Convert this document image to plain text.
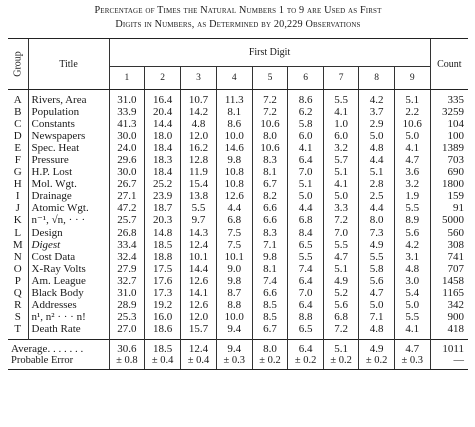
Percentage of Times the Natural Numbers 1 to 9 are Used as First
Digits in Numbers, as Determined by 20,229 Observations
Group	Title	First Digit									Count
		1	2	3	4	5	6	7	8	9	
A	Rivers, Area	31.0	16.4	10.7	11.3	7.2	8.6	5.5	4.2	5.1	335
B	Population	33.9	20.4	14.2	8.1	7.2	6.2	4.1	3.7	2.2	3259
C	Constants	41.3	14.4	4.8	8.6	10.6	5.8	1.0	2.9	10.6	104
D	Newspapers	30.0	18.0	12.0	10.0	8.0	6.0	6.0	5.0	5.0	100
E	Spec. Heat	24.0	18.4	16.2	14.6	10.6	4.1	3.2	4.8	4.1	1389
F	Pressure	29.6	18.3	12.8	9.8	8.3	6.4	5.7	4.4	4.7	703
G	H.P. Lost	30.0	18.4	11.9	10.8	8.1	7.0	5.1	5.1	3.6	690
H	Mol. Wgt.	26.7	25.2	15.4	10.8	6.7	5.1	4.1	2.8	3.2	1800
I	Drainage	27.1	23.9	13.8	12.6	8.2	5.0	5.0	2.5	1.9	159
J	Atomic Wgt.	47.2	18.7	5.5	4.4	6.6	4.4	3.3	4.4	5.5	91
K	n⁻¹, √n, · · ·	25.7	20.3	9.7	6.8	6.6	6.8	7.2	8.0	8.9	5000
L	Design	26.8	14.8	14.3	7.5	8.3	8.4	7.0	7.3	5.6	560
M	Digest	33.4	18.5	12.4	7.5	7.1	6.5	5.5	4.9	4.2	308
N	Cost Data	32.4	18.8	10.1	10.1	9.8	5.5	4.7	5.5	3.1	741
O	X-Ray Volts	27.9	17.5	14.4	9.0	8.1	7.4	5.1	5.8	4.8	707
P	Am. League	32.7	17.6	12.6	9.8	7.4	6.4	4.9	5.6	3.0	1458
Q	Black Body	31.0	17.3	14.1	8.7	6.6	7.0	5.2	4.7	5.4	1165
R	Addresses	28.9	19.2	12.6	8.8	8.5	6.4	5.6	5.0	5.0	342
S	n¹, n² · · · n!	25.3	16.0	12.0	10.0	8.5	8.8	6.8	7.1	5.5	900
T	Death Rate	27.0	18.6	15.7	9.4	6.7	6.5	7.2	4.8	4.1	418
Average. . . . . . .		30.6	18.5	12.4	9.4	8.0	6.4	5.1	4.9	4.7	1011
Probable Error		± 0.8	± 0.4	± 0.4	± 0.3	± 0.2	± 0.2	± 0.2	± 0.2	± 0.3	—
